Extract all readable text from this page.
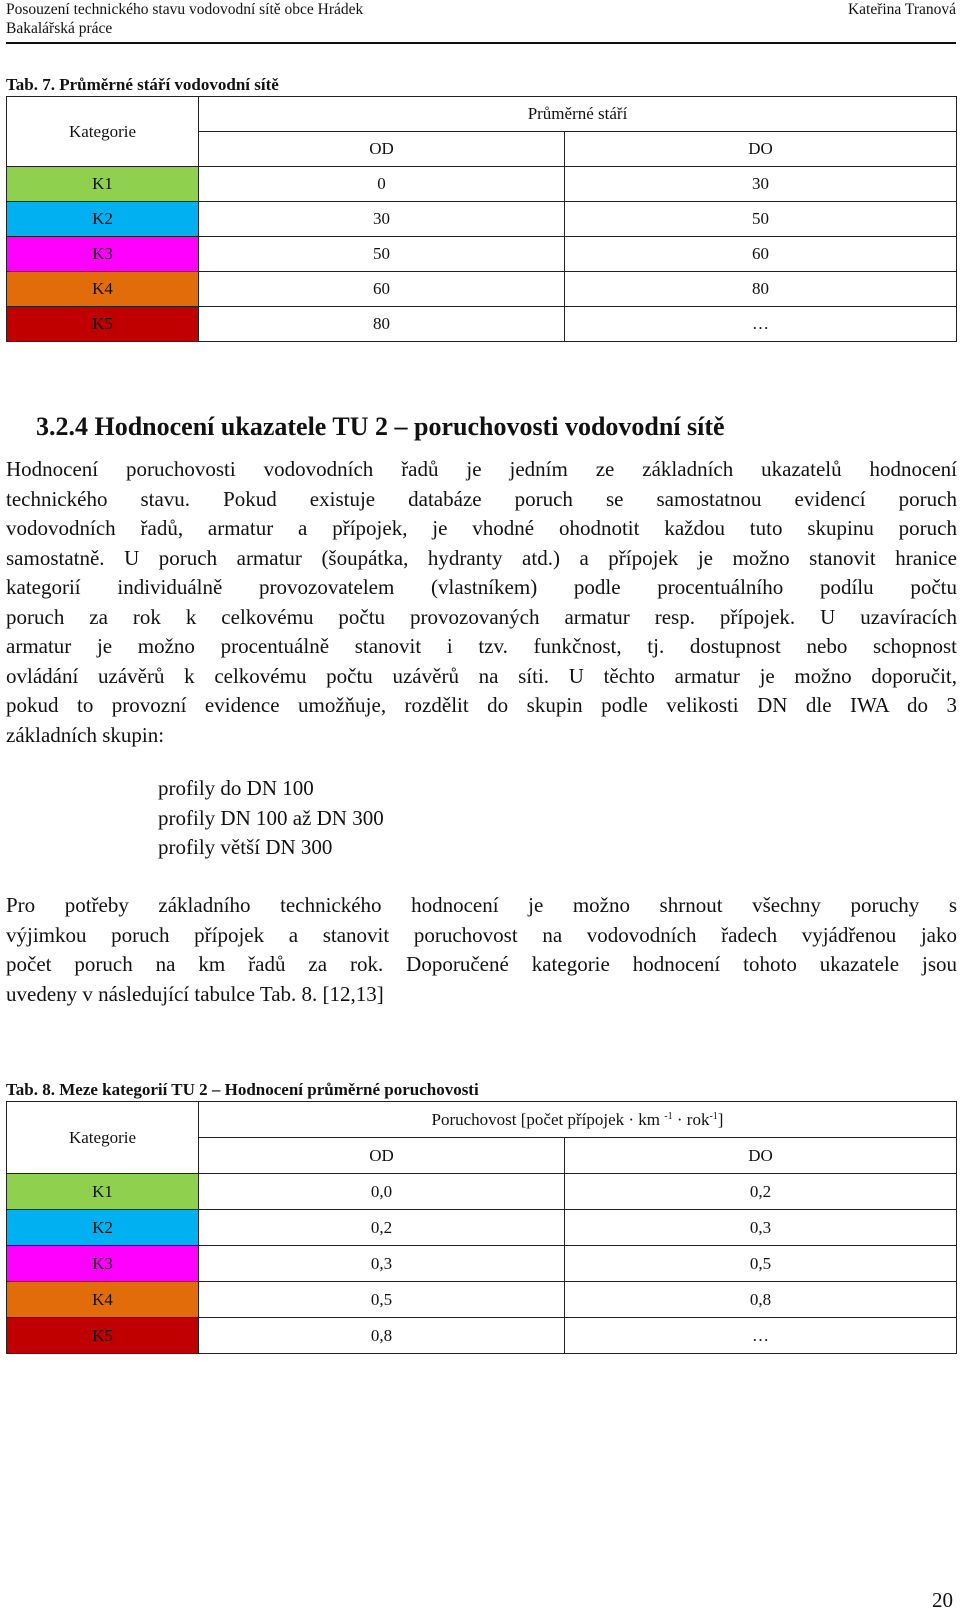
Posouzení technického stavu vodovodní sítě obce Hrádek
Bakalářská práce
Kateřina Tranová
Tab. 7. Průměrné stáří vodovodní sítě
Kategorie	Průměrné stáří	
	OD	DO
K1	0	30
K2	30	50
K3	50	60
K4	60	80
K5	80	…
3.2.4 Hodnocení ukazatele TU 2 – poruchovosti vodovodní sítě
Hodnocení poruchovosti vodovodních řadů je jedním ze základních ukazatelů hodnocení
technického stavu. Pokud existuje databáze poruch se samostatnou evidencí poruch
vodovodních řadů, armatur a přípojek, je vhodné ohodnotit každou tuto skupinu poruch
samostatně. U poruch armatur (šoupátka, hydranty atd.) a přípojek je možno stanovit hranice
kategorií individuálně provozovatelem (vlastníkem) podle procentuálního podílu počtu
poruch za rok k celkovému počtu provozovaných armatur resp. přípojek. U uzavíracích
armatur je možno procentuálně stanovit i tzv. funkčnost, tj. dostupnost nebo schopnost
ovládání uzávěrů k celkovému počtu uzávěrů na síti. U těchto armatur je možno doporučit,
pokud to provozní evidence umožňuje, rozdělit do skupin podle velikosti DN dle IWA do 3
základních skupin:
profily do DN 100
profily DN 100 až DN 300
profily větší DN 300
Pro potřeby základního technického hodnocení je možno shrnout všechny poruchy s
výjimkou poruch přípojek a stanovit poruchovost na vodovodních řadech vyjádřenou jako
počet poruch na km řadů za rok. Doporučené kategorie hodnocení tohoto ukazatele jsou
uvedeny v následující tabulce Tab. 8. [12,13]
Tab. 8. Meze kategorií TU 2 – Hodnocení průměrné poruchovosti
Kategorie	Poruchovost [počet přípojek · km $^{-1}$ · rok$^{-1}$]	
	OD	DO
K1	0,0	0,2
K2	0,2	0,3
K3	0,3	0,5
K4	0,5	0,8
K5	0,8	…
20
